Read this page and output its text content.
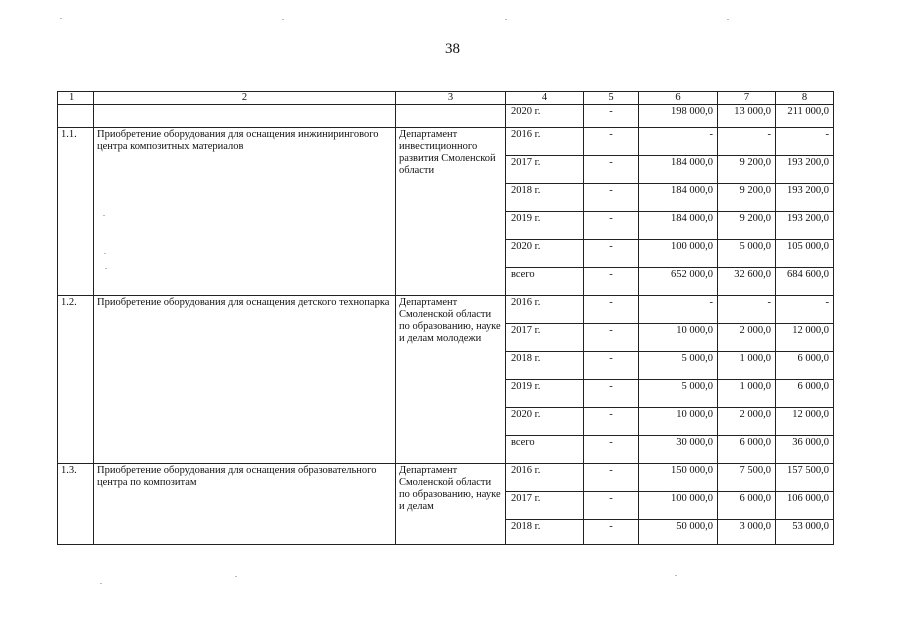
38
1	2	3	4	5	6	7	8
			2020 г.	-	198 000,0	13 000,0	211 000,0
1.1.	Приобретение оборудования для оснащения инжинирингового центра композитных материалов	Департамент инвестиционного развития Смоленской области	2016 г.	-	-	-	-
			2017 г.	-	184 000,0	9 200,0	193 200,0
			2018 г.	-	184 000,0	9 200,0	193 200,0
			2019 г.	-	184 000,0	9 200,0	193 200,0
			2020 г.	-	100 000,0	5 000,0	105 000,0
			всего	-	652 000,0	32 600,0	684 600,0
1.2.	Приобретение оборудования для оснащения детского технопарка	Департамент Смоленской области по образованию, науке и делам молодежи	2016 г.	-	-	-	-
			2017 г.	-	10 000,0	2 000,0	12 000,0
			2018 г.	-	5 000,0	1 000,0	6 000,0
			2019 г.	-	5 000,0	1 000,0	6 000,0
			2020 г.	-	10 000,0	2 000,0	12 000,0
			всего	-	30 000,0	6 000,0	36 000,0
1.3.	Приобретение оборудования для оснащения образовательного центра по композитам	Департамент Смоленской области по образованию, науке и делам	2016 г.	-	150 000,0	7 500,0	157 500,0
			2017 г.	-	100 000,0	6 000,0	106 000,0
			2018 г.	-	50 000,0	3 000,0	53 000,0
